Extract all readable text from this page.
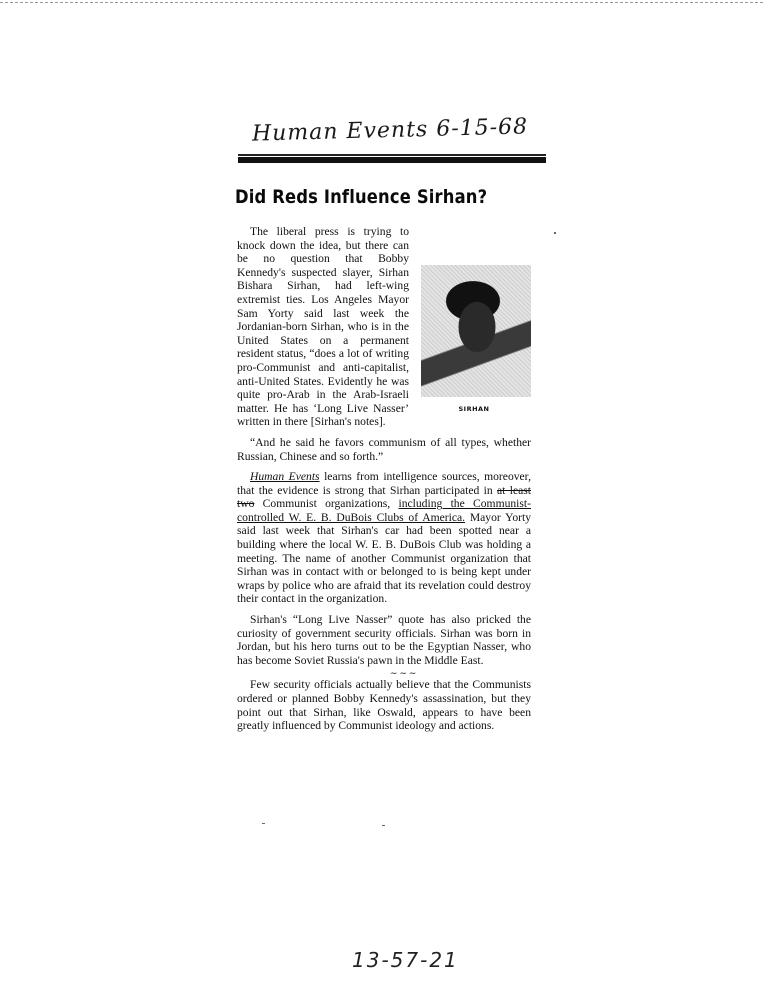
Human Events 6-15-68
Did Reds Influence Sirhan?
SIRHAN

The liberal press is trying to knock down the idea, but there can be no question that Bobby Kennedy's suspected slayer, Sirhan Bishara Sirhan, had left-wing extremist ties. Los Angeles Mayor Sam Yorty said last week the Jordanian-born Sirhan, who is in the United States on a permanent resident status, “does a lot of writing pro-Communist and anti-capitalist, anti-United States. Evidently he was quite pro-Arab in the Arab-Israeli matter. He has ‘Long Live Nasser’ written in there [Sirhan's notes].

“And he said he favors communism of all types, whether Russian, Chinese and so forth.”

Human Events learns from intelligence sources, moreover, that the evidence is strong that Sirhan participated in at least two Communist organizations, including the Communist-controlled W. E. B. DuBois Clubs of America. Mayor Yorty said last week that Sirhan's car had been spotted near a building where the local W. E. B. DuBois Club was holding a meeting. The name of another Communist organization that Sirhan was in contact with or belonged to is being kept under wraps by police who are afraid that its revelation could destroy their contact in the organization.

Sirhan's “Long Live Nasser” quote has also pricked the curiosity of government security officials. Sirhan was born in Jordan, but his hero turns out to be the Egyptian Nasser, who has become Soviet Russia's pawn in the Middle East.

∼∼∼

Few security officials actually believe that the Communists ordered or planned Bobby Kennedy's assassination, but they point out that Sirhan, like Oswald, appears to have been greatly influenced by Communist ideology and actions.

13-57-21
